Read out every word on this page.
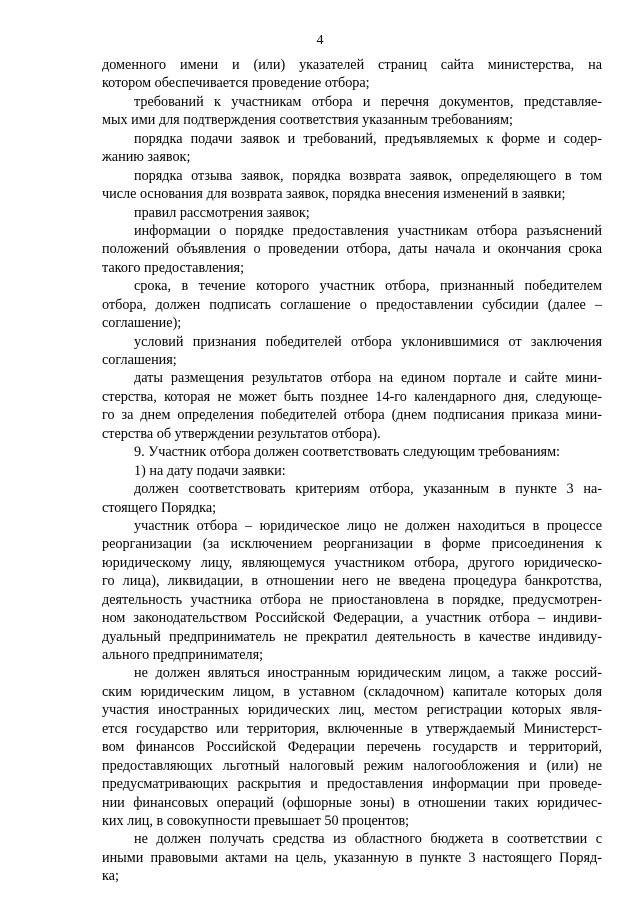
4
доменного имени и (или) указателей страниц сайта министерства, на
котором обеспечивается проведение отбора;
требований к участникам отбора и перечня документов, представляе-
мых ими для подтверждения соответствия указанным требованиям;
порядка подачи заявок и требований, предъявляемых к форме и содер-
жанию заявок;
порядка отзыва заявок, порядка возврата заявок, определяющего в том
числе основания для возврата заявок, порядка внесения изменений в заявки;
правил рассмотрения заявок;
информации о порядке предоставления участникам отбора разъяснений
положений объявления о проведении отбора, даты начала и окончания срока
такого предоставления;
срока, в течение которого участник отбора, признанный победителем
отбора, должен подписать соглашение о предоставлении субсидии (далее –
соглашение);
условий признания победителей отбора уклонившимися от заключения
соглашения;
даты размещения результатов отбора на едином портале и сайте мини-
стерства, которая не может быть позднее 14-го календарного дня, следующе-
го за днем определения победителей отбора (днем подписания приказа мини-
стерства об утверждении результатов отбора).
9. Участник отбора должен соответствовать следующим требованиям:
1) на дату подачи заявки:
должен соответствовать критериям отбора, указанным в пункте 3 на-
стоящего Порядка;
участник отбора – юридическое лицо не должен находиться в процессе
реорганизации (за исключением реорганизации в форме присоединения к
юридическому лицу, являющемуся участником отбора, другого юридическо-
го лица), ликвидации, в отношении него не введена процедура банкротства,
деятельность участника отбора не приостановлена в порядке, предусмотрен-
ном законодательством Российской Федерации, а участник отбора – индиви-
дуальный предприниматель не прекратил деятельность в качестве индивиду-
ального предпринимателя;
не должен являться иностранным юридическим лицом, а также россий-
ским юридическим лицом, в уставном (складочном) капитале которых доля
участия иностранных юридических лиц, местом регистрации которых явля-
ется государство или территория, включенные в утверждаемый Министерст-
вом финансов Российской Федерации перечень государств и территорий,
предоставляющих льготный налоговый режим налогообложения и (или) не
предусматривающих раскрытия и предоставления информации при проведе-
нии финансовых операций (офшорные зоны) в отношении таких юридичес-
ких лиц, в совокупности превышает 50 процентов;
не должен получать средства из областного бюджета в соответствии с
иными правовыми актами на цель, указанную в пункте 3 настоящего Поряд-
ка;
